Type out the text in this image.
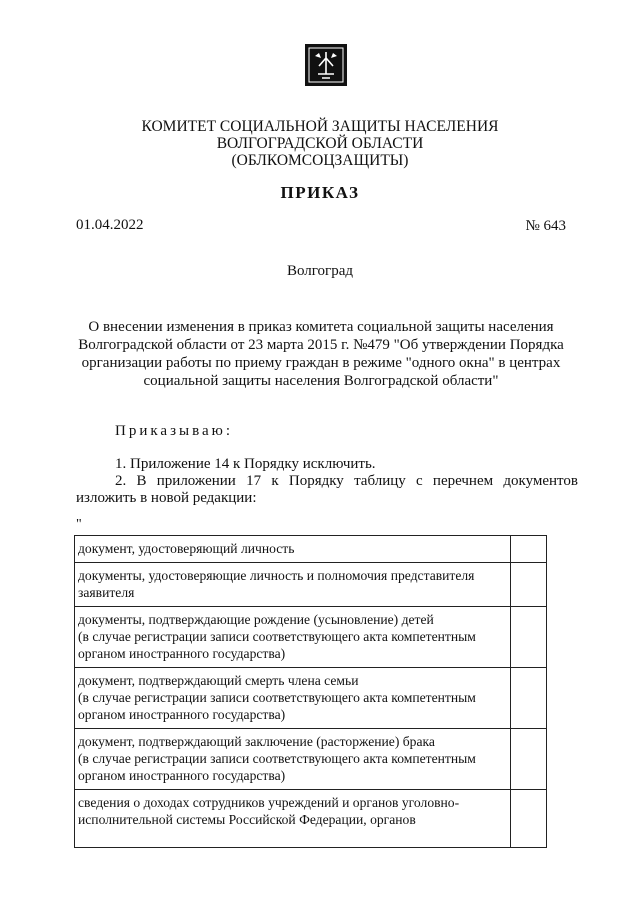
КОМИТЕТ СОЦИАЛЬНОЙ ЗАЩИТЫ НАСЕЛЕНИЯ
ВОЛГОГРАДСКОЙ ОБЛАСТИ
(ОБЛКОМСОЦЗАЩИТЫ)
ПРИКАЗ
01.04.2022	№ 643
Волгоград
О внесении изменения в приказ комитета социальной защиты населения Волгоградской области от 23 марта 2015 г. №479 "Об утверждении Порядка организации работы по приему граждан в режиме "одного окна" в центрах социальной защиты населения Волгоградской области"
Приказываю:
1. Приложение 14 к Порядку исключить.
2. В приложении 17 к Порядку таблицу с перечнем документов изложить в новой редакции:
"
документ, удостоверяющий личность	
документы, удостоверяющие личность и полномочия представителя заявителя	
документы, подтверждающие рождение (усыновление) детей
(в случае регистрации записи соответствующего акта компетентным органом иностранного государства)	
документ, подтверждающий смерть члена семьи
(в случае регистрации записи соответствующего акта компетентным органом иностранного государства)	
документ, подтверждающий заключение (расторжение) брака
(в случае регистрации записи соответствующего акта компетентным органом иностранного государства)	
сведения о доходах сотрудников учреждений и органов уголовно-исполнительной системы Российской Федерации, органов	
